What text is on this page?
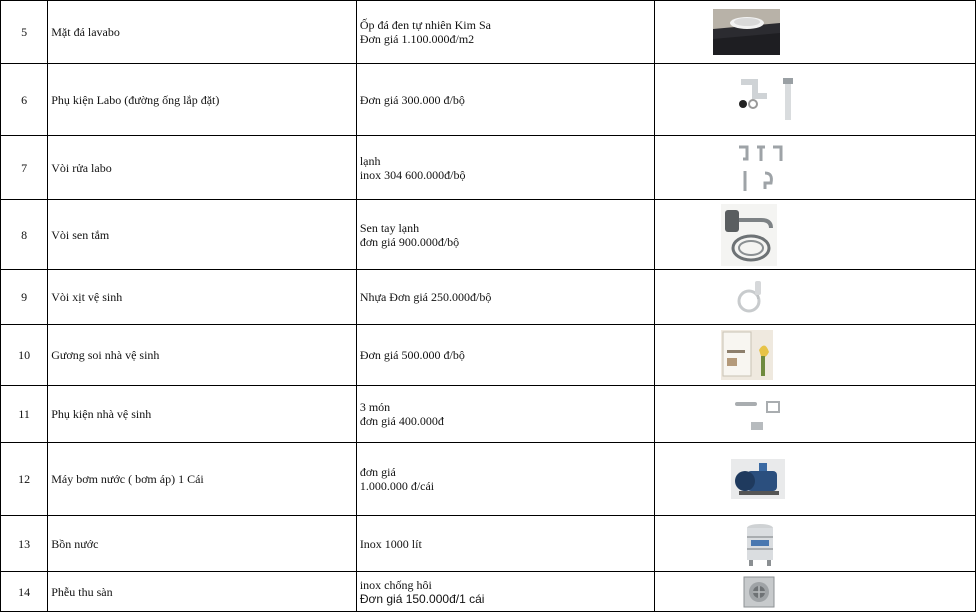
5	Mặt đá lavabo	Ốp đá đen tự nhiên Kim Sa
Đơn giá 1.100.000đ/m2

6	Phụ kiện Labo (đường ống lắp đặt)	Đơn giá 300.000 đ/bộ

7	Vòi rửa labo	lạnh
inox 304 600.000đ/bộ

8	Vòi sen tắm	Sen tay lạnh
đơn giá 900.000đ/bộ

9	Vòi xịt vệ sinh	Nhựa Đơn giá 250.000đ/bộ

10	Gương soi nhà vệ sinh	Đơn giá 500.000 đ/bộ

11	Phụ kiện nhà vệ sinh	3 món
đơn giá 400.000đ

12	Máy bơm nước ( bơm áp) 1 Cái	đơn giá
1.000.000 đ/cái

13	Bồn nước	Inox 1000 lít

14	Phễu thu sàn	inox chống hôi
Đơn giá 150.000đ/1 cái
